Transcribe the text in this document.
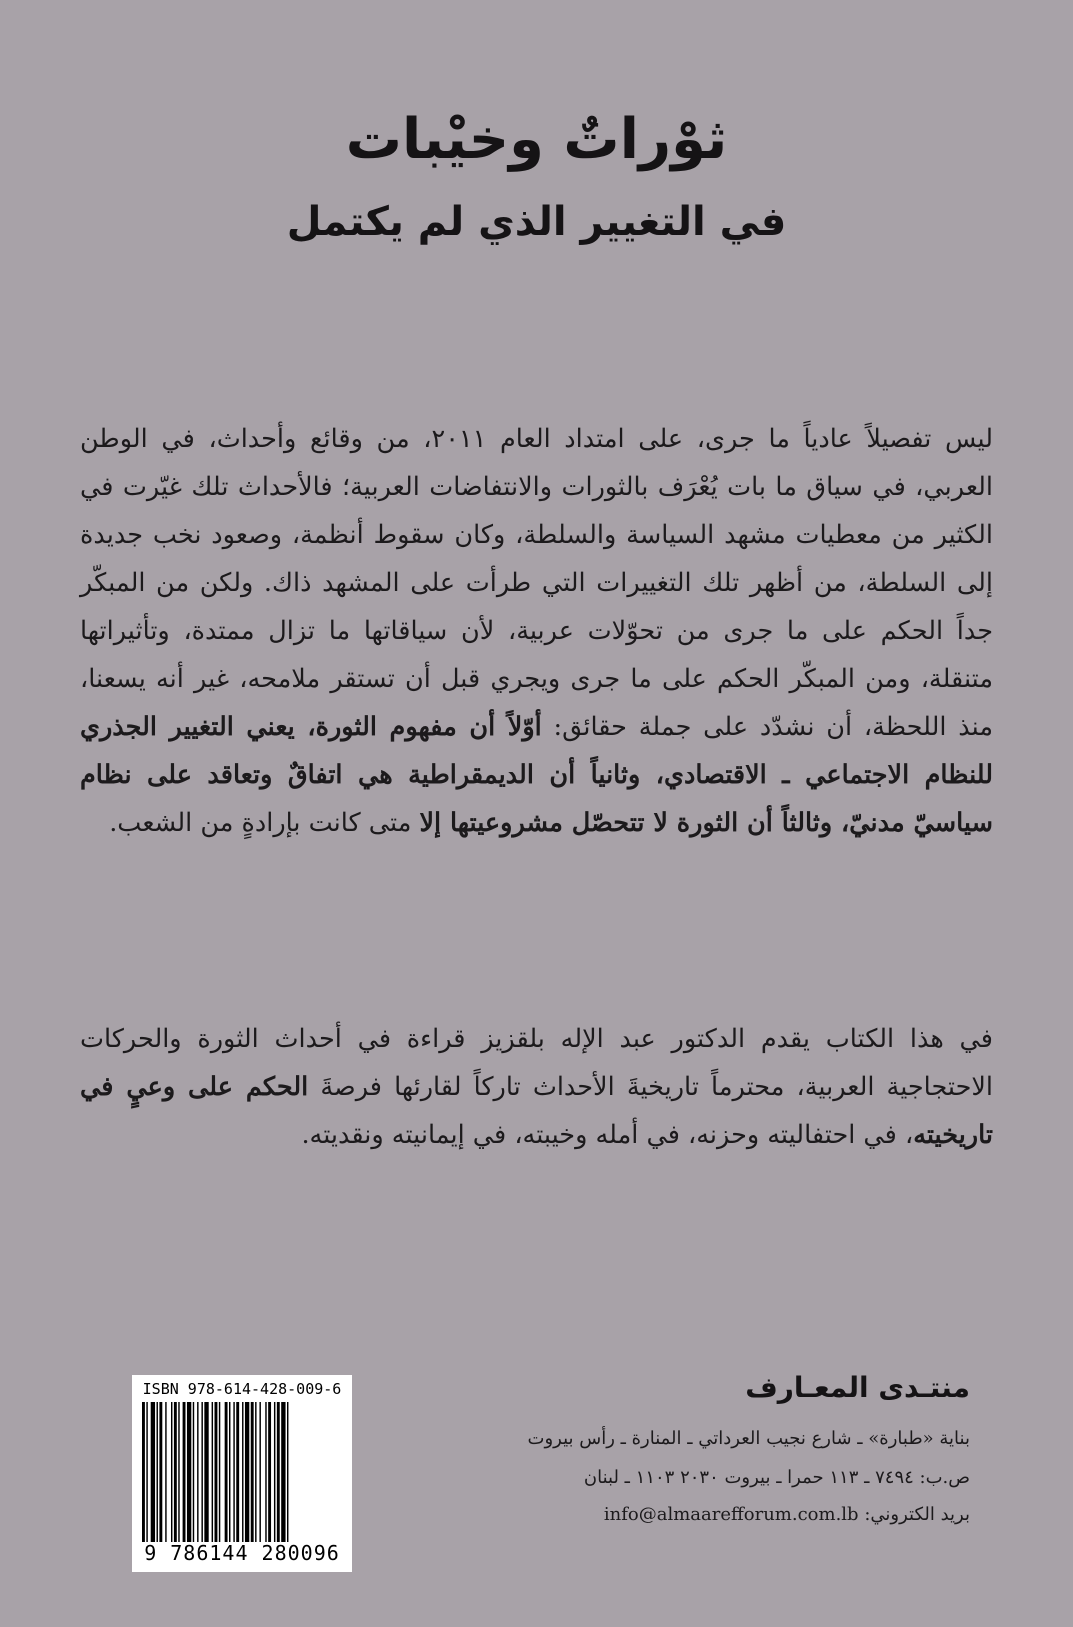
ثوْراتٌ وخيْبات
في التغيير الذي لم يكتمل
ليس تفصيلاً عادياً ما جرى، على امتداد العام ٢٠١١، من وقائع وأحداث، في الوطن العربي، في سياق ما بات يُعْرَف بالثورات والانتفاضات العربية؛ فالأحداث تلك غيّرت في الكثير من معطيات مشهد السياسة والسلطة، وكان سقوط أنظمة، وصعود نخب جديدة إلى السلطة، من أظهر تلك التغييرات التي طرأت على المشهد ذاك. ولكن من المبكّر جداً الحكم على ما جرى من تحوّلات عربية، لأن سياقاتها ما تزال ممتدة، وتأثيراتها متنقلة، ومن المبكّر الحكم على ما جرى ويجري قبل أن تستقر ملامحه، غير أنه يسعنا، منذ اللحظة، أن نشدّد على جملة حقائق: أوّلاً أن مفهوم الثورة، يعني التغيير الجذري للنظام الاجتماعي ـ الاقتصادي، وثانياً أن الديمقراطية هي اتفاقٌ وتعاقد على نظام سياسيّ مدنيّ، وثالثاً أن الثورة لا تتحصّل مشروعيتها إلا متى كانت بإرادةٍ من الشعب.
في هذا الكتاب يقدم الدكتور عبد الإله بلقزيز قراءة في أحداث الثورة والحركات الاحتجاجية العربية، محترماً تاريخيةَ الأحداث تاركاً لقارئها فرصةَ الحكم على وعيٍ في تاريخيته، في احتفاليته وحزنه، في أمله وخيبته، في إيمانيته ونقديته.
ISBN 978-614-428-009-6
9 786144 280096
منتـدى المعـارف
بناية «طبارة» ـ شارع نجيب العرداتي ـ المنارة ـ رأس بيروت
ص.ب: ٧٤٩٤ ـ ١١٣ حمرا ـ بيروت ٢٠٣٠ ١١٠٣ ـ لبنان
بريد الكتروني: info@almaarefforum.com.lb
